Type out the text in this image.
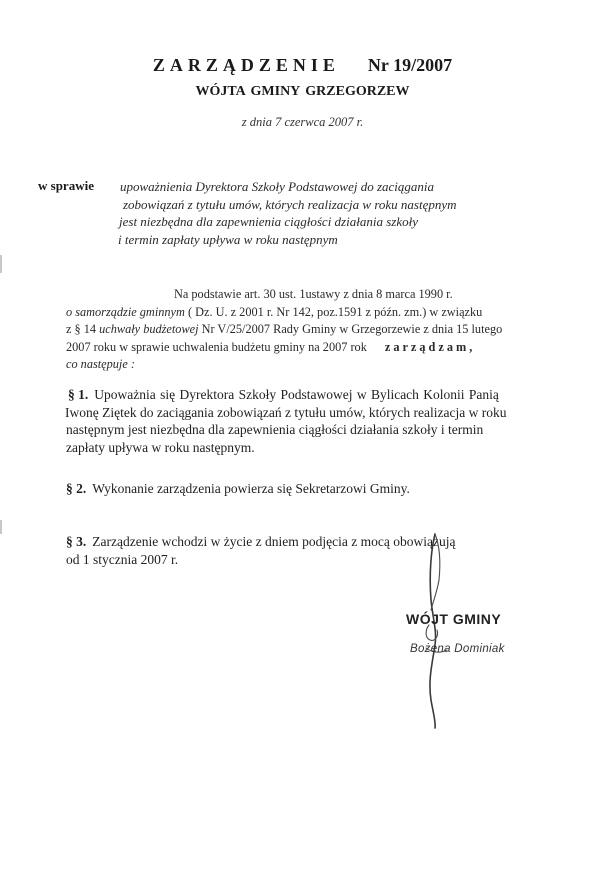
ZARZĄDZENIE Nr 19/2007
WÓJTA GMINY GRZEGORZEW
z dnia 7 czerwca 2007 r.
w sprawie upoważnienia Dyrektora Szkoły Podstawowej do zaciągania
zobowiązań z tytułu umów, których realizacja w roku następnym
jest niezbędna dla zapewnienia ciągłości działania szkoły
i termin zapłaty upływa w roku następnym
Na podstawie art. 30 ust. 1ustawy z dnia 8 marca 1990 r.
o samorządzie gminnym ( Dz. U. z 2001 r. Nr 142, poz.1591 z późn. zm.) w związku
z § 14 uchwały budżetowej Nr V/25/2007 Rady Gminy w Grzegorzewie z dnia 15 lutego
2007 roku w sprawie uchwalenia budżetu gminy na 2007 rok zarządzam,
co następuje :
§ 1. Upoważnia się Dyrektora Szkoły Podstawowej w Bylicach Kolonii Panią
Iwonę Ziętek do zaciągania zobowiązań z tytułu umów, których realizacja w roku
następnym jest niezbędna dla zapewnienia ciągłości działania szkoły i termin
zapłaty upływa w roku następnym.
§ 2. Wykonanie zarządzenia powierza się Sekretarzowi Gminy.
§ 3. Zarządzenie wchodzi w życie z dniem podjęcia z mocą obowiązują
od 1 stycznia 2007 r.
WÓJT GMINY
Bożena Dominiak
